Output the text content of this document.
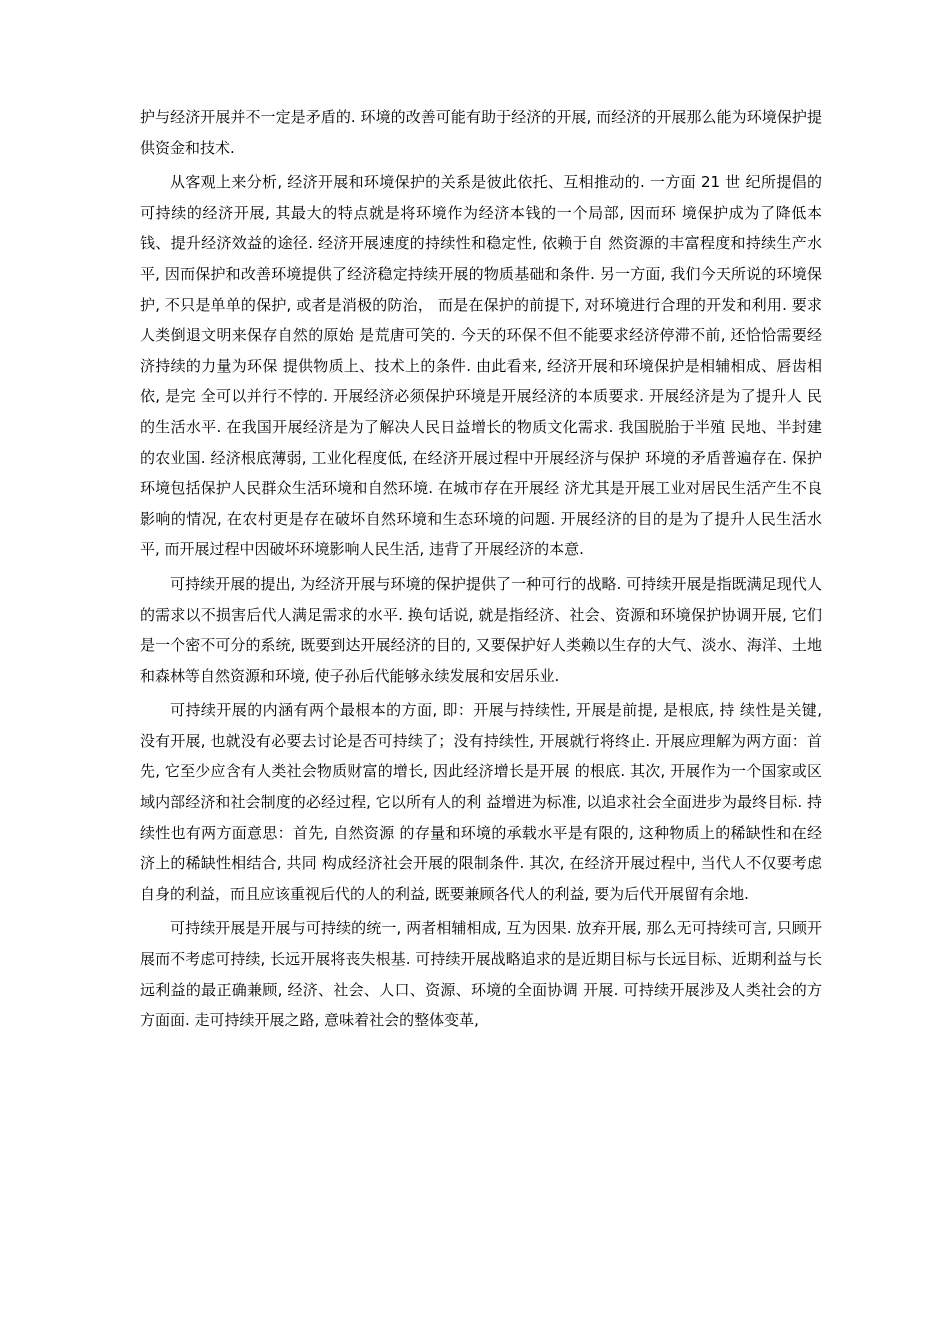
护与经济开展并不一定是矛盾的. 环境的改善可能有助于经济的开展, 而经济的开展那么能为环境保护提供资金和技术.

从客观上来分析, 经济开展和环境保护的关系是彼此依托、互相推动的. 一方面 21 世 纪所提倡的可持续的经济开展, 其最大的特点就是将环境作为经济本钱的一个局部, 因而环 境保护成为了降低本钱、提升经济效益的途径. 经济开展速度的持续性和稳定性, 依赖于自 然资源的丰富程度和持续生产水平, 因而保护和改善环境提供了经济稳定持续开展的物质基础和条件. 另一方面, 我们今天所说的环境保护, 不只是单单的保护, 或者是消极的防治， 而是在保护的前提下, 对环境进行合理的开发和利用. 要求人类倒退文明来保存自然的原始 是荒唐可笑的. 今天的环保不但不能要求经济停滞不前, 还恰恰需要经济持续的力量为环保 提供物质上、技术上的条件. 由此看来, 经济开展和环境保护是相辅相成、唇齿相依, 是完 全可以并行不悖的. 开展经济必须保护环境是开展经济的本质要求. 开展经济是为了提升人 民的生活水平. 在我国开展经济是为了解决人民日益增长的物质文化需求. 我国脱胎于半殖 民地、半封建的农业国. 经济根底薄弱, 工业化程度低, 在经济开展过程中开展经济与保护 环境的矛盾普遍存在. 保护环境包括保护人民群众生活环境和自然环境. 在城市存在开展经 济尤其是开展工业对居民生活产生不良影响的情况, 在农村更是存在破坏自然环境和生态环境的问题. 开展经济的目的是为了提升人民生活水平, 而开展过程中因破坏环境影响人民生活, 违背了开展经济的本意.

可持续开展的提出, 为经济开展与环境的保护提供了一种可行的战略. 可持续开展是指既满足现代人的需求以不损害后代人满足需求的水平. 换句话说, 就是指经济、社会、资源和环境保护协调开展, 它们是一个密不可分的系统, 既要到达开展经济的目的, 又要保护好人类赖以生存的大气、淡水、海洋、土地和森林等自然资源和环境, 使子孙后代能够永续发展和安居乐业.

可持续开展的内涵有两个最根本的方面, 即：开展与持续性, 开展是前提, 是根底, 持 续性是关键, 没有开展, 也就没有必要去讨论是否可持续了；没有持续性, 开展就行将终止. 开展应理解为两方面：首先, 它至少应含有人类社会物质财富的增长, 因此经济增长是开展 的根底. 其次, 开展作为一个国家或区域内部经济和社会制度的必经过程, 它以所有人的利 益增进为标准, 以追求社会全面进步为最终目标. 持续性也有两方面意思：首先, 自然资源 的存量和环境的承载水平是有限的, 这种物质上的稀缺性和在经济上的稀缺性相结合, 共同 构成经济社会开展的限制条件. 其次, 在经济开展过程中, 当代人不仅要考虑自身的利益，而且应该重视后代的人的利益, 既要兼顾各代人的利益, 要为后代开展留有余地.

可持续开展是开展与可持续的统一, 两者相辅相成, 互为因果. 放弃开展, 那么无可持续可言, 只顾开展而不考虑可持续, 长远开展将丧失根基. 可持续开展战略追求的是近期目标与长远目标、近期利益与长远利益的最正确兼顾, 经济、社会、人口、资源、环境的全面协调 开展. 可持续开展涉及人类社会的方方面面. 走可持续开展之路, 意味着社会的整体变革,
